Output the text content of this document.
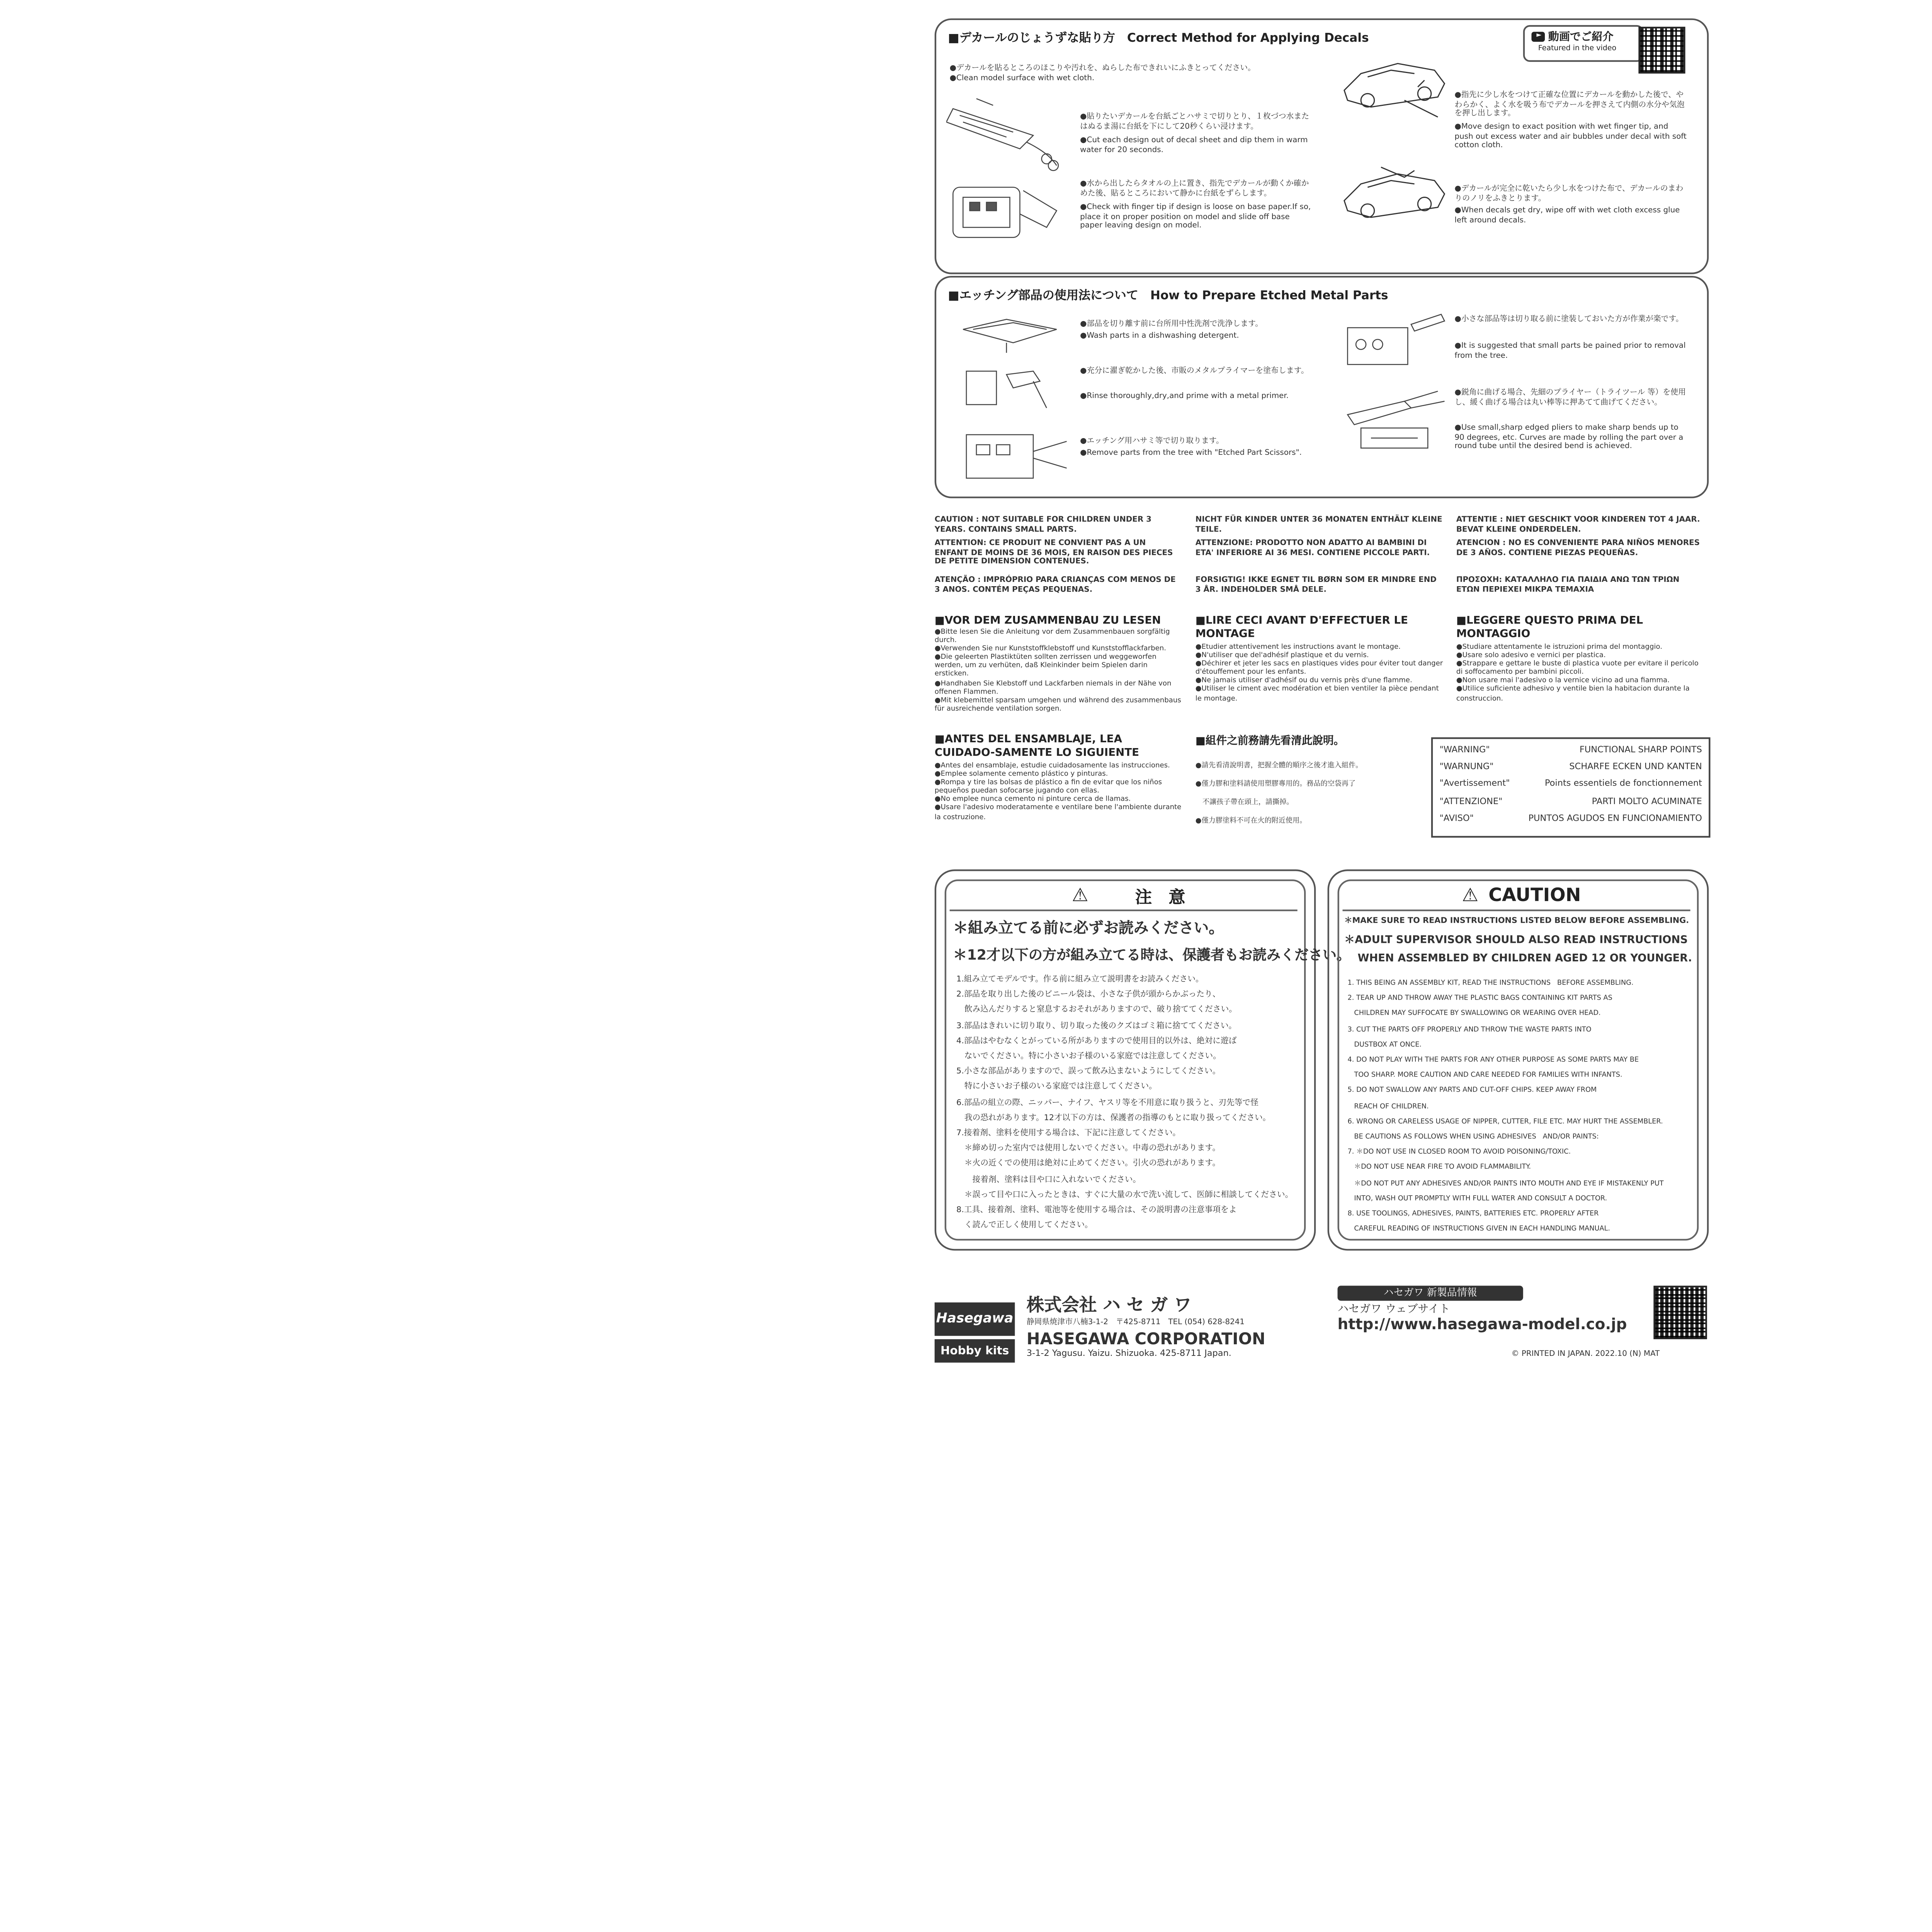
■デカールのじょうずな貼り方　Correct Method for Applying Decals	動画でご紹介
Featured in the video
●デカールを貼るところのほこりや汚れを、ぬらした布できれいにふきとってください。
●Clean model surface with wet cloth.
●貼りたいデカールを台紙ごとハサミで切りとり、１枚づつ水またはぬるま湯に台紙を下にして20秒くらい浸けます。
●Cut each design out of decal sheet and dip them in warm water for 20 seconds.
●水から出したらタオルの上に置き、指先でデカールが動くか確かめた後、貼るところにおいて静かに台紙をずらします。
●Check with finger tip if design is loose on base paper.If so, place it on proper position on model and slide off base paper leaving design on model.
●指先に少し水をつけて正確な位置にデカールを動かした後で、やわらかく、よく水を吸う布でデカールを押さえて内側の水分や気泡を押し出します。
●Move design to exact position with wet finger tip, and push out excess water and air bubbles under decal with soft cotton cloth.
●デカールが完全に乾いたら少し水をつけた布で、デカールのまわりのノリをふきとります。
●When decals get dry, wipe off with wet cloth excess glue left around decals.
■エッチング部品の使用法について　How to Prepare Etched Metal Parts
●部品を切り離す前に台所用中性洗剤で洗浄します。
●Wash parts in a dishwashing detergent.
●充分に濯ぎ乾かした後、市販のメタルプライマーを塗布します。
●Rinse thoroughly,dry,and prime with a metal primer.
●エッチング用ハサミ等で切り取ります。
●Remove parts from the tree with "Etched Part Scissors".
●小さな部品等は切り取る前に塗装しておいた方が作業が楽です。
●It is suggested that small parts be pained prior to removal from the tree.
●鋭角に曲げる場合、先細のプライヤー（トライツール 等）を使用し、緩く曲げる場合は丸い棒等に押あてて曲げてください。
●Use small,sharp edged pliers to make sharp bends up to 90 degrees, etc. Curves are made by rolling the part over a round tube until the desired bend is achieved.
CAUTION : NOT SUITABLE FOR CHILDREN UNDER 3 YEARS. CONTAINS SMALL PARTS.
ATTENTION: CE PRODUIT NE CONVIENT PAS A UN ENFANT DE MOINS DE 36 MOIS, EN RAISON DES PIECES DE PETITE DIMENSION CONTENUES.
ATENÇÃO : IMPRÓPRIO PARA CRIANÇAS COM MENOS DE 3 ANOS. CONTÉM PEÇAS PEQUENAS.
NICHT FÜR KINDER UNTER 36 MONATEN ENTHÄLT KLEINE TEILE.
ATTENZIONE: PRODOTTO NON ADATTO AI BAMBINI DI ETA' INFERIORE AI 36 MESI. CONTIENE PICCOLE PARTI.
FORSIGTIG! IKKE EGNET TIL BØRN SOM ER MINDRE END 3 ÅR. INDEHOLDER SMÅ DELE.
ATTENTIE : NIET GESCHIKT VOOR KINDEREN TOT 4 JAAR. BEVAT KLEINE ONDERDELEN.
ATENCION : NO ES CONVENIENTE PARA NIÑOS MENORES DE 3 AÑOS. CONTIENE PIEZAS PEQUEÑAS.
ΠΡΟΣΟΧΗ: ΚΑΤΑΛΛΗΛΟ ΓΙΑ ΠΑΙΔΙΑ ΑΝΩ ΤΩΝ ΤΡΙΩΝ ΕΤΩΝ ΠΕΡΙΕΧΕΙ ΜΙΚΡΑ ΤΕΜΑΧΙΑ
■VOR DEM ZUSAMMENBAU ZU LESEN
●Bitte lesen Sie die Anleitung vor dem Zusammenbauen sorgfältig durch.
●Verwenden Sie nur Kunststoffklebstoff und Kunststofflackfarben.
●Die geleerten Plastiktüten sollten zerrissen und weggeworfen werden, um zu verhüten, daß Kleinkinder beim Spielen darin ersticken.
●Handhaben Sie Klebstoff und Lackfarben niemals in der Nähe von offenen Flammen.
●Mit klebemittel sparsam umgehen und während des zusammenbaus für ausreichende ventilation sorgen.
■LIRE CECI AVANT D'EFFECTUER LE MONTAGE
●Etudier attentivement les instructions avant le montage.
●N'utiliser que del'adhésif plastique et du vernis.
●Déchirer et jeter les sacs en plastiques vides pour éviter tout danger d'étouffement pour les enfants.
●Ne jamais utiliser d'adhésif ou du vernis près d'une flamme.
●Utiliser le ciment avec modération et bien ventiler la pièce pendant le montage.
■LEGGERE QUESTO PRIMA DEL MONTAGGIO
●Studiare attentamente le istruzioni prima del montaggio.
●Usare solo adesivo e vernici per plastica.
●Strappare e gettare le buste di plastica vuote per evitare il pericolo di soffocamento per bambini piccoli.
●Non usare mai l'adesivo o la vernice vicino ad una fiamma.
●Utilice suficiente adhesivo y ventile bien la habitacion durante la construccion.
■ANTES DEL ENSAMBLAJE, LEA CUIDADO-SAMENTE LO SIGUIENTE
●Antes del ensamblaje, estudie cuidadosamente las instrucciones.
●Emplee solamente cemento plástico y pinturas.
●Rompa y tire las bolsas de plástico a fin de evitar que los niños pequeños puedan sofocarse jugando con ellas.
●No emplee nunca cemento ni pinture cerca de llamas.
●Usare l'adesivo moderatamente e ventilare bene l'ambiente durante la costruzione.
■組件之前務請先看清此說明。
●請先看清說明書，把握全體的順序之後才進入組件。
●僅力膠和塗料請使用塑膠專用的。務品的空袋再了
　不讓孩子帶在頭上，請撕掉。
●僅力膠塗料不可在火的附近使用。
"WARNING"	FUNCTIONAL SHARP POINTS
"WARNUNG"	SCHARFE ECKEN UND KANTEN
"Avertissement"	Points essentiels de fonctionnement
"ATTENZIONE"	PARTI MOLTO ACUMINATE
"AVISO"	PUNTOS AGUDOS EN FUNCIONAMIENTO
⚠	注　意
＊組み立てる前に必ずお読みください。
＊12才以下の方が組み立てる時は、保護者もお読みください。
1.組み立てモデルです。作る前に組み立て説明書をお読みください。
2.部品を取り出した後のビニール袋は、小さな子供が頭からかぶったり、
　飲み込んだりすると窒息するおそれがありますので、破り捨ててください。
3.部品はきれいに切り取り、切り取った後のクズはゴミ箱に捨ててください。
4.部品はやむなくとがっている所がありますので使用目的以外は、絶対に遊ば
　ないでください。特に小さいお子様のいる家庭では注意してください。
5.小さな部品がありますので、誤って飲み込まないようにしてください。
　特に小さいお子様のいる家庭では注意してください。
6.部品の組立の際、ニッパー、ナイフ、ヤスリ等を不用意に取り扱うと、刃先等で怪
　我の恐れがあります。12才以下の方は、保護者の指導のもとに取り扱ってください。
7.接着剤、塗料を使用する場合は、下記に注意してください。
　＊締め切った室内では使用しないでください。中毒の恐れがあります。
　＊火の近くでの使用は絶対に止めてください。引火の恐れがあります。
　　接着剤、塗料は目や口に入れないでください。
　＊誤って目や口に入ったときは、すぐに大量の水で洗い流して、医師に相談してください。
8.工具、接着剤、塗料、電池等を使用する場合は、その説明書の注意事項をよ
　く読んで正しく使用してください。
⚠ CAUTION
＊MAKE SURE TO READ INSTRUCTIONS LISTED BELOW BEFORE ASSEMBLING.
＊ADULT SUPERVISOR SHOULD ALSO READ INSTRUCTIONS
WHEN ASSEMBLED BY CHILDREN AGED 12 OR YOUNGER.
1. THIS BEING AN ASSEMBLY KIT, READ THE INSTRUCTIONS   BEFORE ASSEMBLING.
2. TEAR UP AND THROW AWAY THE PLASTIC BAGS CONTAINING KIT PARTS AS
CHILDREN MAY SUFFOCATE BY SWALLOWING OR WEARING OVER HEAD.
3. CUT THE PARTS OFF PROPERLY AND THROW THE WASTE PARTS INTO
DUSTBOX AT ONCE.
4. DO NOT PLAY WITH THE PARTS FOR ANY OTHER PURPOSE AS SOME PARTS MAY BE
TOO SHARP. MORE CAUTION AND CARE NEEDED FOR FAMILIES WITH INFANTS.
5. DO NOT SWALLOW ANY PARTS AND CUT-OFF CHIPS. KEEP AWAY FROM
REACH OF CHILDREN.
6. WRONG OR CARELESS USAGE OF NIPPER, CUTTER, FILE ETC. MAY HURT THE ASSEMBLER.
BE CAUTIONS AS FOLLOWS WHEN USING ADHESIVES   AND/OR PAINTS:
7. ＊DO NOT USE IN CLOSED ROOM TO AVOID POISONING/TOXIC.
＊DO NOT USE NEAR FIRE TO AVOID FLAMMABILITY.
＊DO NOT PUT ANY ADHESIVES AND/OR PAINTS INTO MOUTH AND EYE IF MISTAKENLY PUT
INTO, WASH OUT PROMPTLY WITH FULL WATER AND CONSULT A DOCTOR.
8. USE TOOLINGS, ADHESIVES, PAINTS, BATTERIES ETC. PROPERLY AFTER
CAREFUL READING OF INSTRUCTIONS GIVEN IN EACH HANDLING MANUAL.
Hasegawa
Hobby kits
株式会社 ハ セ ガ ワ
静岡県焼津市八楠3-1-2　〒425-8711　TEL (054) 628-8241
HASEGAWA CORPORATION
3-1-2 Yagusu. Yaizu. Shizuoka. 425-8711 Japan.
ハセガワ 新製品情報
ハセガワ ウェブサイト
http://www.hasegawa-model.co.jp
© PRINTED IN JAPAN. 2022.10 (N) MAT
